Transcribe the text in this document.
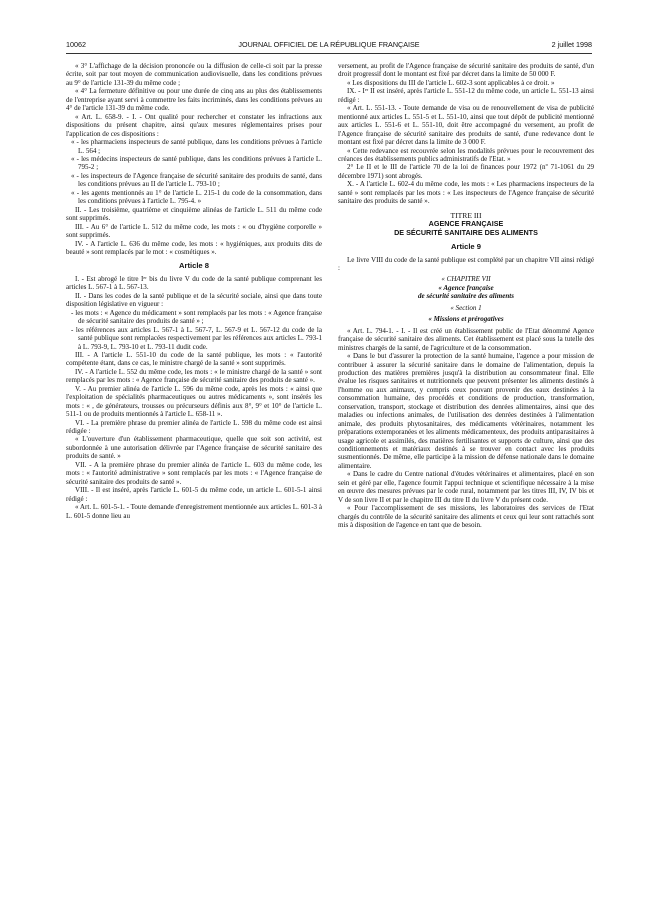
10062	JOURNAL OFFICIEL DE LA RÉPUBLIQUE FRANÇAISE	2 juillet 1998

« 3° L'affichage de la décision prononcée ou la diffusion de celle-ci soit par la presse écrite, soit par tout moyen de communication audiovisuelle, dans les conditions prévues au 9° de l'article 131-39 du même code ;

« 4° La fermeture définitive ou pour une durée de cinq ans au plus des établissements de l'entreprise ayant servi à commettre les faits incriminés, dans les conditions prévues au 4° de l'article 131-39 du même code.

« Art. L. 658-9. - I. - Ont qualité pour rechercher et constater les infractions aux dispositions du présent chapitre, ainsi qu'aux mesures réglementaires prises pour l'application de ces dispositions :

« - les pharmaciens inspecteurs de santé publique, dans les conditions prévues à l'article L. 564 ;

« - les médecins inspecteurs de santé publique, dans les conditions prévues à l'article L. 795-2 ;

« - les inspecteurs de l'Agence française de sécurité sanitaire des produits de santé, dans les conditions prévues au II de l'article L. 793-10 ;

« - les agents mentionnés au 1° de l'article L. 215-1 du code de la consommation, dans les conditions prévues à l'article L. 795-4. »

II. - Les troisième, quatrième et cinquième alinéas de l'article L. 511 du même code sont supprimés.

III. - Au 6° de l'article L. 512 du même code, les mots : « ou d'hygiène corporelle » sont supprimés.

IV. - A l'article L. 636 du même code, les mots : « hygiéniques, aux produits dits de beauté » sont remplacés par le mot : « cosmétiques ».

Article 8

I. - Est abrogé le titre Iᵉʳ bis du livre V du code de la santé publique comprenant les articles L. 567-1 à L. 567-13.

II. - Dans les codes de la santé publique et de la sécurité sociale, ainsi que dans toute disposition législative en vigueur :

- les mots : « Agence du médicament » sont remplacés par les mots : « Agence française de sécurité sanitaire des produits de santé » ;

- les références aux articles L. 567-1 à L. 567-7, L. 567-9 et L. 567-12 du code de la santé publique sont remplacées respectivement par les références aux articles L. 793-1 à L. 793-9, L. 793-10 et L. 793-11 dudit code.

III. - A l'article L. 551-10 du code de la santé publique, les mots : « l'autorité compétente étant, dans ce cas, le ministre chargé de la santé » sont supprimés.

IV. - A l'article L. 552 du même code, les mots : « le ministre chargé de la santé » sont remplacés par les mots : « Agence française de sécurité sanitaire des produits de santé ».

V. - Au premier alinéa de l'article L. 596 du même code, après les mots : « ainsi que l'exploitation de spécialités pharmaceutiques ou autres médicaments », sont insérés les mots : « , de générateurs, trousses ou précurseurs définis aux 8°, 9° et 10° de l'article L. 511-1 ou de produits mentionnés à l'article L. 658-11 ».

VI. - La première phrase du premier alinéa de l'article L. 598 du même code est ainsi rédigée :

« L'ouverture d'un établissement pharmaceutique, quelle que soit son activité, est subordonnée à une autorisation délivrée par l'Agence française de sécurité sanitaire des produits de santé. »

VII. - A la première phrase du premier alinéa de l'article L. 603 du même code, les mots : « l'autorité administrative » sont remplacés par les mots : « l'Agence française de sécurité sanitaire des produits de santé ».

VIII. - Il est inséré, après l'article L. 601-5 du même code, un article L. 601-5-1 ainsi rédigé :

« Art. L. 601-5-1. - Toute demande d'enregistrement mentionnée aux articles L. 601-3 à L. 601-5 donne lieu au

versement, au profit de l'Agence française de sécurité sanitaire des produits de santé, d'un droit progressif dont le montant est fixé par décret dans la limite de 50 000 F.

« Les dispositions du III de l'article L. 602-3 sont applicables à ce droit. »

IX. - Iᵉʳ II est inséré, après l'article L. 551-12 du même code, un article L. 551-13 ainsi rédigé :

« Art. L. 551-13. - Toute demande de visa ou de renouvellement de visa de publicité mentionné aux articles L. 551-5 et L. 551-10, ainsi que tout dépôt de publicité mentionné aux articles L. 551-6 et L. 551-10, doit être accompagné du versement, au profit de l'Agence française de sécurité sanitaire des produits de santé, d'une redevance dont le montant est fixé par décret dans la limite de 3 000 F.

« Cette redevance est recouvrée selon les modalités prévues pour le recouvrement des créances des établissements publics administratifs de l'Etat. »

2° Le II et le III de l'article 70 de la loi de finances pour 1972 (nº 71-1061 du 29 décembre 1971) sont abrogés.

X. - A l'article L. 602-4 du même code, les mots : « Les pharmaciens inspecteurs de la santé » sont remplacés par les mots : « Les inspecteurs de l'Agence française de sécurité sanitaire des produits de santé ».

TITRE III

AGENCE FRANÇAISE

DE SÉCURITÉ SANITAIRE DES ALIMENTS

Article 9

Le livre VIII du code de la santé publique est complété par un chapitre VII ainsi rédigé :

« CHAPITRE VII

« Agence française

de sécurité sanitaire des aliments

« Section 1

« Missions et prérogatives

« Art. L. 794-1. - I. - Il est créé un établissement public de l'Etat dénommé Agence française de sécurité sanitaire des aliments. Cet établissement est placé sous la tutelle des ministres chargés de la santé, de l'agriculture et de la consommation.

« Dans le but d'assurer la protection de la santé humaine, l'agence a pour mission de contribuer à assurer la sécurité sanitaire dans le domaine de l'alimentation, depuis la production des matières premières jusqu'à la distribution au consommateur final. Elle évalue les risques sanitaires et nutritionnels que peuvent présenter les aliments destinés à l'homme ou aux animaux, y compris ceux pouvant provenir des eaux destinées à la consommation humaine, des procédés et conditions de production, transformation, conservation, transport, stockage et distribution des denrées alimentaires, ainsi que des maladies ou infections animales, de l'utilisation des denrées destinées à l'alimentation animale, des produits phytosanitaires, des médicaments vétérinaires, notamment les préparations extemporanées et les aliments médicamenteux, des produits antiparasitaires à usage agricole et assimilés, des matières fertilisantes et supports de culture, ainsi que des conditionnements et matériaux destinés à se trouver en contact avec les produits susmentionnés. De même, elle participe à la mission de défense nationale dans le domaine alimentaire.

« Dans le cadre du Centre national d'études vétérinaires et alimentaires, placé en son sein et géré par elle, l'agence fournit l'appui technique et scientifique nécessaire à la mise en œuvre des mesures prévues par le code rural, notamment par les titres III, IV, IV bis et V de son livre II et par le chapitre III du titre II du livre V du présent code.

« Pour l'accomplissement de ses missions, les laboratoires des services de l'Etat chargés du contrôle de la sécurité sanitaire des aliments et ceux qui leur sont rattachés sont mis à disposition de l'agence en tant que de besoin.
